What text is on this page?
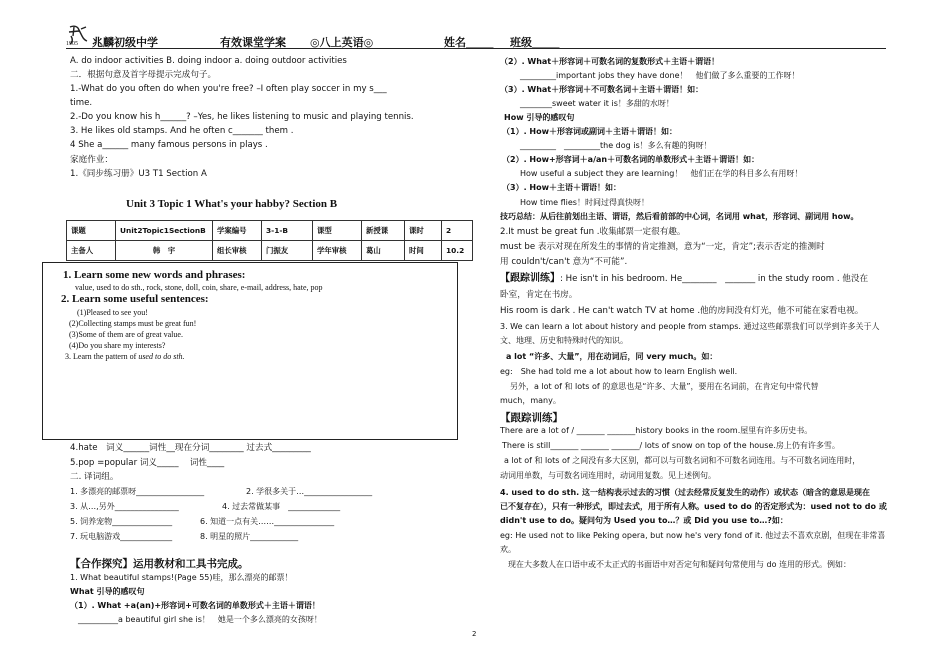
1905 兆麟初级中学	有效课堂学案 ◎八上英语◎	姓名_____ 班级_____
A. do indoor activities B. doing indoor a. doing outdoor activities
二．根据句意及首字母提示完成句子。
1.-What do you often do when you're free? –I often play soccer in my s___
time.
2.-Do you know his h______? –Yes, he likes listening to music and playing tennis.
3. He likes old stamps. And he often c_______ them .
4 She a______ many famous persons in plays .
家庭作业：
1.《同步练习册》U3 T1 Section A
Unit 3 Topic 1 What's your habby? Section B
课题	Unit2Topic1SectionB	学案编号	3-1-B	课型	新授课	课时	2
主备人	韩　宇	组长审核	门振友	学年审核	葛山	时间	10.2
1. Learn some new words and phrases:
value, used to do sth., rock, stone, doll, coin, share, e-mail, address, hate, pop
2. Learn some useful sentences:
(1)Pleased to see you!
(2)Collecting stamps must be great fun!
(3)Some of them are of great value.
(4)Do you share my interests?
3. Learn the pattern of used to do sth.
4.hate　词义______词性__现在分词________ 过去式_________
5.pop =popular 词义_____　 词性____
二. 译词组。
1. 多漂亮的邮票呀_________________	2. 学很多关于…_________________
3. 从…,另外________________	4. 过去常做某事　_____________
5. 饲养宠物_______________	6. 知道一点有关……_______________
7. 玩电脑游戏_____________	8. 明星的照片____________
【合作探究】运用教材和工具书完成。
1. What beautiful stamps!(Page 55)哇，那么漂亮的邮票！
What 引导的感叹句
（1）. What +a(an)+形容词+可数名词的单数形式＋主语＋谓语！
__________a beautiful girl she is！　她是一个多么漂亮的女孩呀！
（2）. What＋形容词＋可数名词的复数形式＋主语＋谓语！
_________important jobs they have done！　他们做了多么重要的工作呀！
（3）. What＋形容词＋不可数名词＋主语＋谓语！如：
________sweet water it is！多甜的水呀！
How 引导的感叹句
（1）. How＋形容词或副词＋主语＋谓语！如：
_________　_________the dog is！多么有趣的狗呀！
（2）. How+形容词＋a/an＋可数名词的单数形式＋主语＋谓语！如：
How useful a subject they are learning！　他们正在学的科目多么有用呀！
（3）. How＋主语＋谓语！如：
How time flies！时间过得真快呀！
技巧总结：从后往前划出主语、谓语，然后看前部的中心词，名词用 what，形容词、副词用 how。
2.It must be great fun .收集邮票一定很有趣。
must be 表示对现在所发生的事情的肯定推测，意为“一定，肯定”;表示否定的推测时
用 couldn't/can't 意为“不可能”.
【跟踪训练】: He isn't in his bedroom. He________　_______ in the study room . 他没在
卧室，肯定在书房。
His room is dark . He can't watch TV at home .他的房间没有灯光，他不可能在家看电视。
3. We can learn a lot about history and people from stamps. 通过这些邮票我们可以学到许多关于人
文、地理、历史和特殊时代的知识。
a lot “许多、大量”，用在动词后，同 very much。如：
eg:　She had told me a lot about how to learn English well.
另外，a lot of 和 lots of 的意思也是“许多、大量”，要用在名词前，在肯定句中常代替
much，many。
【跟踪训练】
There are a lot of / _______ _______history books in the room.屋里有许多历史书。
There is still_______ _______ _______/ lots of snow on top of the house.房上仍有许多雪。
a lot of 和 lots of 之间没有多大区别，都可以与可数名词和不可数名词连用。与不可数名词连用时，
动词用单数，与可数名词连用时，动词用复数。见上述例句。
4. used to do sth. 这一结构表示过去的习惯（过去经常反复发生的动作）或状态（暗含的意思是现在
已不复存在），只有一种形式，即过去式，用于所有人称。used to do 的否定形式为：used not to do 或
didn't use to do。疑问句为 Used you to…？或 Did you use to…?如：
eg: He used not to like Peking opera, but now he's very fond of it. 他过去不喜欢京剧，但现在非常喜
欢。
现在大多数人在口语中或不太正式的书面语中对否定句和疑问句常使用与 do 连用的形式。例如：
2
